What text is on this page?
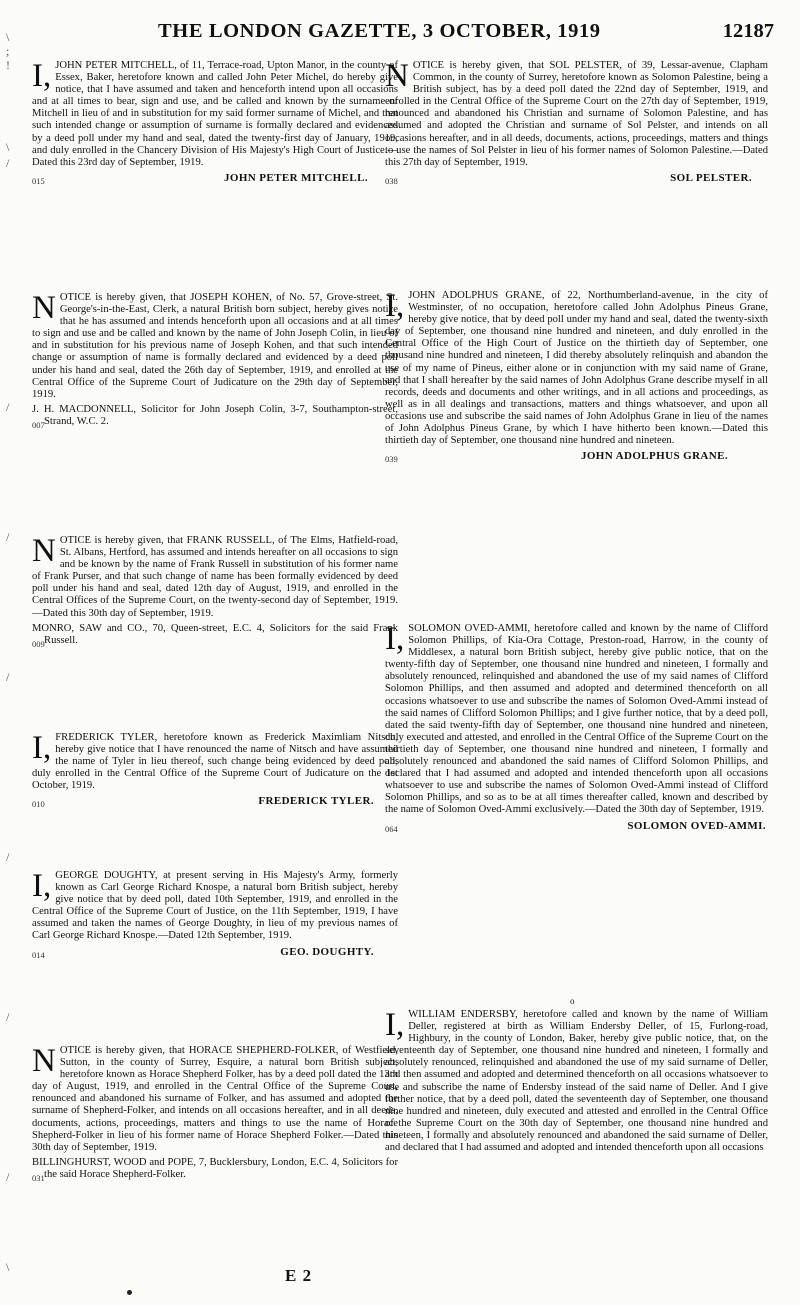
THE LONDON GAZETTE, 3 OCTOBER, 1919	12187
\
;
!
\
/
/
/
/
/
/
/
\

I, JOHN PETER MITCHELL, of 11, Terrace-road, Upton Manor, in the county of Essex, Baker, heretofore known and called John Peter Michel, do hereby give notice, that I have assumed and taken and henceforth intend upon all occasions and at all times to bear, sign and use, and be called and known by the surname of Mitchell in lieu of and in substitution for my said former surname of Michel, and that such intended change or assumption of surname is formally declared and evidenced by a deed poll under my hand and seal, dated the twenty-first day of January, 1919, and duly enrolled in the Chancery Division of His Majesty's High Court of Justice.—Dated this 23rd day of September, 1919.

015	JOHN PETER MITCHELL.

NOTICE is hereby given, that JOSEPH KOHEN, of No. 57, Grove-street, St. George's-in-the-East, Clerk, a natural British born subject, hereby gives notice that he has assumed and intends henceforth upon all occasions and at all times to sign and use and be called and known by the name of John Joseph Colin, in lieu of and in substitution for his previous name of Joseph Kohen, and that such intended change or assumption of name is formally declared and evidenced by a deed poll under his hand and seal, dated the 26th day of September, 1919, and enrolled at the Central Office of the Supreme Court of Judicature on the 29th day of September, 1919.

J. H. MACDONNELL, Solicitor for John Joseph Colin, 3-7, Southampton-street, Strand, W.C. 2.

007

NOTICE is hereby given, that FRANK RUSSELL, of The Elms, Hatfield-road, St. Albans, Hertford, has assumed and intends hereafter on all occasions to sign and be known by the name of Frank Russell in substitution of his former name of Frank Purser, and that such change of name has been formally evidenced by deed poll under his hand and seal, dated 12th day of August, 1919, and enrolled in the Central Offices of the Supreme Court, on the twenty-second day of September, 1919.—Dated this 30th day of September, 1919.

MONRO, SAW and CO., 70, Queen-street, E.C. 4, Solicitors for the said Frank Russell.

009

I, FREDERICK TYLER, heretofore known as Frederick Maximliam Nitsch, hereby give notice that I have renounced the name of Nitsch and have assumed the name of Tyler in lieu thereof, such change being evidenced by deed poll, duly enrolled in the Central Office of the Supreme Court of Judicature on the 1st October, 1919.

010	FREDERICK TYLER.

I, GEORGE DOUGHTY, at present serving in His Majesty's Army, formerly known as Carl George Richard Knospe, a natural born British subject, hereby give notice that by deed poll, dated 10th September, 1919, and enrolled in the Central Office of the Supreme Court of Justice, on the 11th September, 1919, I have assumed and taken the names of George Doughty, in lieu of my previous names of Carl George Richard Knospe.—Dated 12th September, 1919.

014	GEO. DOUGHTY.

NOTICE is hereby given, that HORACE SHEPHERD-FOLKER, of Westfield, Sutton, in the county of Surrey, Esquire, a natural born British subject, heretofore known as Horace Shepherd Folker, has by a deed poll dated the 13th day of August, 1919, and enrolled in the Central Office of the Supreme Court, renounced and abandoned his surname of Folker, and has assumed and adopted the surname of Shepherd-Folker, and intends on all occasions hereafter, and in all deeds, documents, actions, proceedings, matters and things to use the name of Horace Shepherd-Folker in lieu of his former name of Horace Shepherd Folker.—Dated this 30th day of September, 1919.

BILLINGHURST, WOOD and POPE, 7, Bucklersbury, London, E.C. 4, Solicitors for the said Horace Shepherd-Folker.

031

NOTICE is hereby given, that SOL PELSTER, of 39, Lessar-avenue, Clapham Common, in the county of Surrey, heretofore known as Solomon Palestine, being a British subject, has by a deed poll dated the 22nd day of September, 1919, and enrolled in the Central Office of the Supreme Court on the 27th day of September, 1919, renounced and abandoned his Christian and surname of Solomon Palestine, and has assumed and adopted the Christian and surname of Sol Pelster, and intends on all occasions hereafter, and in all deeds, documents, actions, proceedings, matters and things to use the names of Sol Pelster in lieu of his former names of Solomon Palestine.—Dated this 27th day of September, 1919.

038	SOL PELSTER.

I, JOHN ADOLPHUS GRANE, of 22, Northumberland-avenue, in the city of Westminster, of no occupation, heretofore called John Adolphus Pineus Grane, hereby give notice, that by deed poll under my hand and seal, dated the twenty-sixth day of September, one thousand nine hundred and nineteen, and duly enrolled in the Central Office of the High Court of Justice on the thirtieth day of September, one thousand nine hundred and nineteen, I did thereby absolutely relinquish and abandon the use of my name of Pineus, either alone or in conjunction with my said name of Grane, and that I shall hereafter by the said names of John Adolphus Grane describe myself in all records, deeds and documents and other writings, and in all actions and proceedings, as well as in all dealings and transactions, matters and things whatsoever, and upon all occasions use and subscribe the said names of John Adolphus Grane in lieu of the names of John Adolphus Pineus Grane, by which I have hitherto been known.—Dated this thirtieth day of September, one thousand nine hundred and nineteen.

039	JOHN ADOLPHUS GRANE.

I, SOLOMON OVED-AMMI, heretofore called and known by the name of Clifford Solomon Phillips, of Kia-Ora Cottage, Preston-road, Harrow, in the county of Middlesex, a natural born British subject, hereby give public notice, that on the twenty-fifth day of September, one thousand nine hundred and nineteen, I formally and absolutely renounced, relinquished and abandoned the use of my said names of Clifford Solomon Phillips, and then assumed and adopted and determined thenceforth on all occasions whatsoever to use and subscribe the names of Solomon Oved-Ammi instead of the said names of Clifford Solomon Phillips; and I give further notice, that by a deed poll, dated the said twenty-fifth day of September, one thousand nine hundred and nineteen, duly executed and attested, and enrolled in the Central Office of the Supreme Court on the thirtieth day of September, one thousand nine hundred and nineteen, I formally and absolutely renounced and abandoned the said names of Clifford Solomon Phillips, and declared that I had assumed and adopted and intended thenceforth upon all occasions whatsoever to use and subscribe the names of Solomon Oved-Ammi instead of Clifford Solomon Phillips, and so as to be at all times thereafter called, known and described by the name of Solomon Oved-Ammi exclusively.—Dated the 30th day of September, 1919.

064	SOLOMON OVED-AMMI.

I, WILLIAM ENDERSBY, heretofore called and known by the name of William Deller, registered at birth as William Endersby Deller, of 15, Furlong-road, Highbury, in the county of London, Baker, hereby give public notice, that, on the seventeenth day of September, one thousand nine hundred and nineteen, I formally and absolutely renounced, relinquished and abandoned the use of my said surname of Deller, and then assumed and adopted and determined thenceforth on all occasions whatsoever to use and subscribe the name of Endersby instead of the said name of Deller. And I give further notice, that by a deed poll, dated the seventeenth day of September, one thousand nine hundred and nineteen, duly executed and attested and enrolled in the Central Office of the Supreme Court on the 30th day of September, one thousand nine hundred and nineteen, I formally and absolutely renounced and abandoned the said surname of Deller, and declared that I had assumed and adopted and intended thenceforth upon all occasions

o
E 2
